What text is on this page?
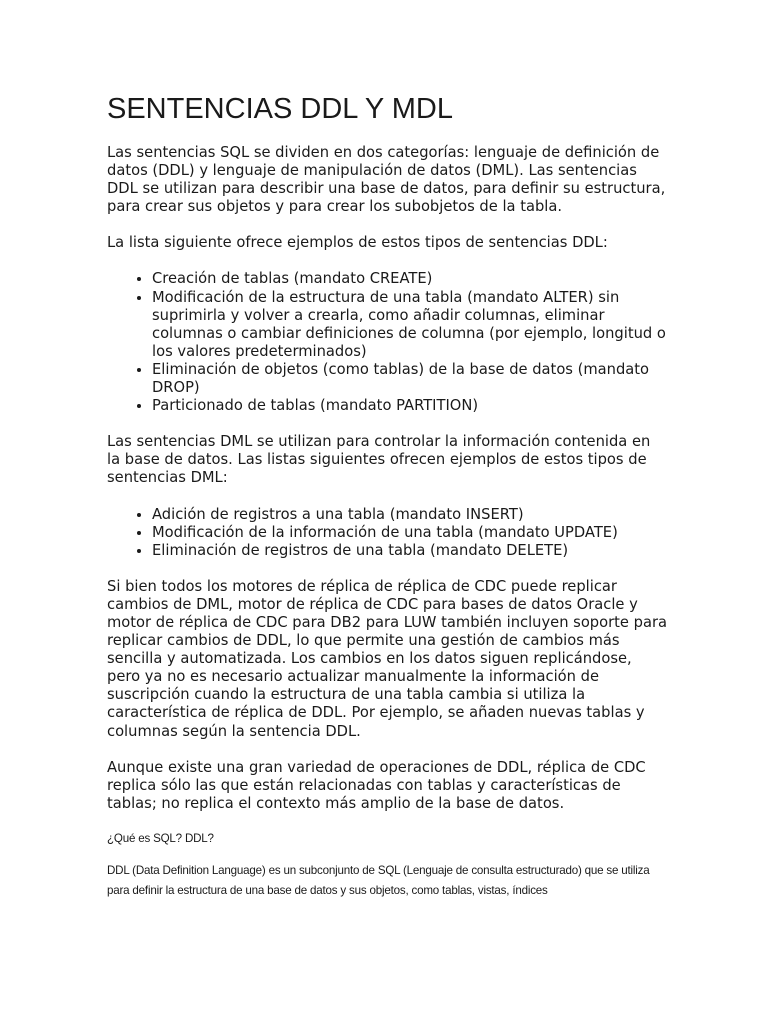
SENTENCIAS DDL Y MDL

Las sentencias SQL se dividen en dos categorías: lenguaje de definición de datos (DDL) y lenguaje de manipulación de datos (DML). Las sentencias DDL se utilizan para describir una base de datos, para definir su estructura, para crear sus objetos y para crear los subobjetos de la tabla.

La lista siguiente ofrece ejemplos de estos tipos de sentencias DDL:

• Creación de tablas (mandato CREATE)
• Modificación de la estructura de una tabla (mandato ALTER) sin suprimirla y volver a crearla, como añadir columnas, eliminar columnas o cambiar definiciones de columna (por ejemplo, longitud o los valores predeterminados)
• Eliminación de objetos (como tablas) de la base de datos (mandato DROP)
• Particionado de tablas (mandato PARTITION)

Las sentencias DML se utilizan para controlar la información contenida en la base de datos. Las listas siguientes ofrecen ejemplos de estos tipos de sentencias DML:

• Adición de registros a una tabla (mandato INSERT)
• Modificación de la información de una tabla (mandato UPDATE)
• Eliminación de registros de una tabla (mandato DELETE)

Si bien todos los motores de réplica de réplica de CDC puede replicar cambios de DML, motor de réplica de CDC para bases de datos Oracle y motor de réplica de CDC para DB2 para LUW también incluyen soporte para replicar cambios de DDL, lo que permite una gestión de cambios más sencilla y automatizada. Los cambios en los datos siguen replicándose, pero ya no es necesario actualizar manualmente la información de suscripción cuando la estructura de una tabla cambia si utiliza la característica de réplica de DDL. Por ejemplo, se añaden nuevas tablas y columnas según la sentencia DDL.

Aunque existe una gran variedad de operaciones de DDL, réplica de CDC replica sólo las que están relacionadas con tablas y características de tablas; no replica el contexto más amplio de la base de datos.

¿Qué es SQL? DDL?

DDL (Data Definition Language) es un subconjunto de SQL (Lenguaje de consulta estructurado) que se utiliza para definir la estructura de una base de datos y sus objetos, como tablas, vistas, índices
